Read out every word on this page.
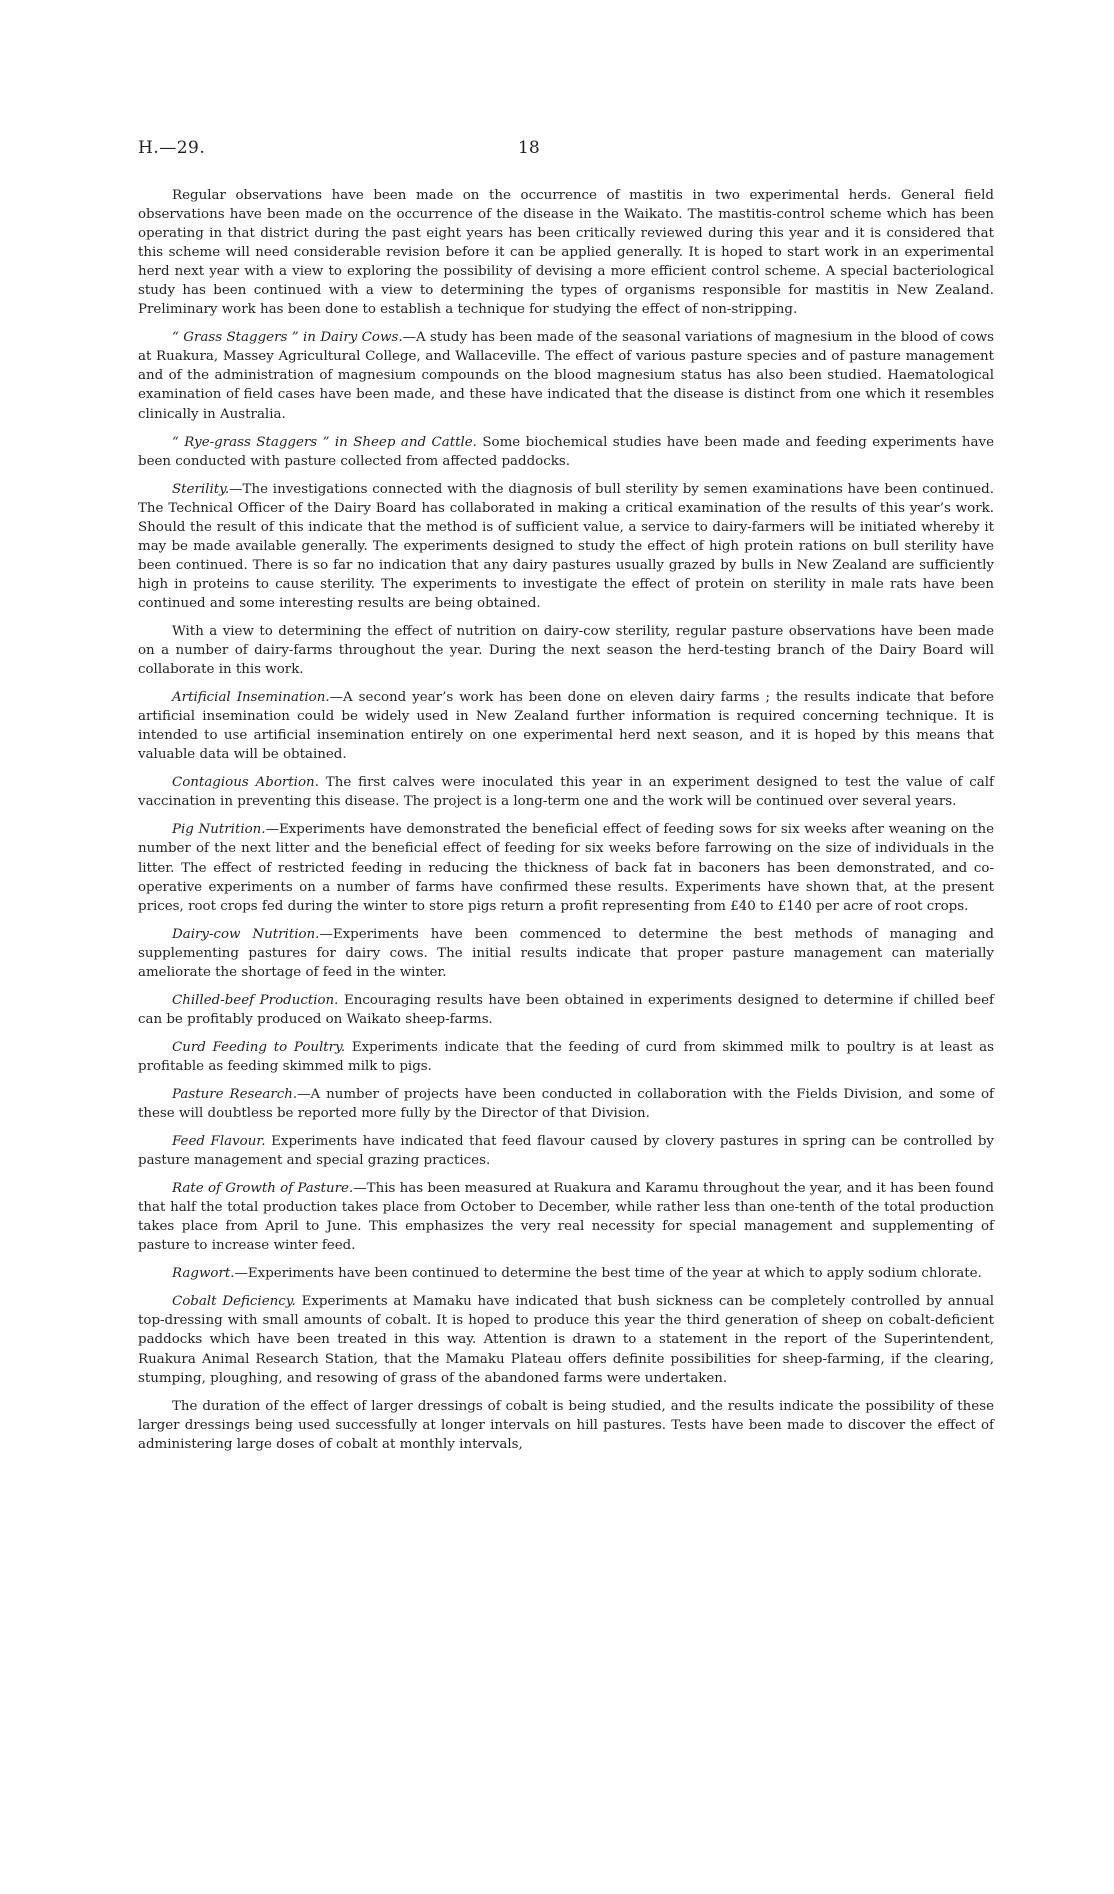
H.—29.	18

Regular observations have been made on the occurrence of mastitis in two experimental herds. General field observations have been made on the occurrence of the disease in the Waikato. The mastitis-control scheme which has been operating in that district during the past eight years has been critically reviewed during this year and it is considered that this scheme will need considerable revision before it can be applied generally. It is hoped to start work in an experimental herd next year with a view to exploring the possibility of devising a more efficient control scheme. A special bacteriological study has been continued with a view to determining the types of organisms responsible for mastitis in New Zealand. Preliminary work has been done to establish a technique for studying the effect of non-stripping.

“ Grass Staggers ” in Dairy Cows.—A study has been made of the seasonal variations of magnesium in the blood of cows at Ruakura, Massey Agricultural College, and Wallaceville. The effect of various pasture species and of pasture management and of the administration of magnesium compounds on the blood magnesium status has also been studied. Haematological examination of field cases have been made, and these have indicated that the disease is distinct from one which it resembles clinically in Australia.

“ Rye-grass Staggers ” in Sheep and Cattle. Some biochemical studies have been made and feeding experiments have been conducted with pasture collected from affected paddocks.

Sterility.—The investigations connected with the diagnosis of bull sterility by semen examinations have been continued. The Technical Officer of the Dairy Board has collaborated in making a critical examination of the results of this year’s work. Should the result of this indicate that the method is of sufficient value, a service to dairy-farmers will be initiated whereby it may be made available generally. The experiments designed to study the effect of high protein rations on bull sterility have been continued. There is so far no indication that any dairy pastures usually grazed by bulls in New Zealand are sufficiently high in proteins to cause sterility. The experiments to investigate the effect of protein on sterility in male rats have been continued and some interesting results are being obtained.

With a view to determining the effect of nutrition on dairy-cow sterility, regular pasture observations have been made on a number of dairy-farms throughout the year. During the next season the herd-testing branch of the Dairy Board will collaborate in this work.

Artificial Insemination.—A second year’s work has been done on eleven dairy farms ; the results indicate that before artificial insemination could be widely used in New Zealand further information is required concerning technique. It is intended to use artificial insemination entirely on one experimental herd next season, and it is hoped by this means that valuable data will be obtained.

Contagious Abortion. The first calves were inoculated this year in an experiment designed to test the value of calf vaccination in preventing this disease. The project is a long-term one and the work will be continued over several years.

Pig Nutrition.—Experiments have demonstrated the beneficial effect of feeding sows for six weeks after weaning on the number of the next litter and the beneficial effect of feeding for six weeks before farrowing on the size of individuals in the litter. The effect of restricted feeding in reducing the thickness of back fat in baconers has been demonstrated, and co-operative experiments on a number of farms have confirmed these results. Experiments have shown that, at the present prices, root crops fed during the winter to store pigs return a profit representing from £40 to £140 per acre of root crops.

Dairy-cow Nutrition.—Experiments have been commenced to determine the best methods of managing and supplementing pastures for dairy cows. The initial results indicate that proper pasture management can materially ameliorate the shortage of feed in the winter.

Chilled-beef Production. Encouraging results have been obtained in experiments designed to determine if chilled beef can be profitably produced on Waikato sheep-farms.

Curd Feeding to Poultry. Experiments indicate that the feeding of curd from skimmed milk to poultry is at least as profitable as feeding skimmed milk to pigs.

Pasture Research.—A number of projects have been conducted in collaboration with the Fields Division, and some of these will doubtless be reported more fully by the Director of that Division.

Feed Flavour. Experiments have indicated that feed flavour caused by clovery pastures in spring can be controlled by pasture management and special grazing practices.

Rate of Growth of Pasture.—This has been measured at Ruakura and Karamu throughout the year, and it has been found that half the total production takes place from October to December, while rather less than one-tenth of the total production takes place from April to June. This emphasizes the very real necessity for special management and supplementing of pasture to increase winter feed.

Ragwort.—Experiments have been continued to determine the best time of the year at which to apply sodium chlorate.

Cobalt Deficiency. Experiments at Mamaku have indicated that bush sickness can be completely controlled by annual top-dressing with small amounts of cobalt. It is hoped to produce this year the third generation of sheep on cobalt-deficient paddocks which have been treated in this way. Attention is drawn to a statement in the report of the Superintendent, Ruakura Animal Research Station, that the Mamaku Plateau offers definite possibilities for sheep-farming, if the clearing, stumping, ploughing, and resowing of grass of the abandoned farms were undertaken.

The duration of the effect of larger dressings of cobalt is being studied, and the results indicate the possibility of these larger dressings being used successfully at longer intervals on hill pastures. Tests have been made to discover the effect of administering large doses of cobalt at monthly intervals,
